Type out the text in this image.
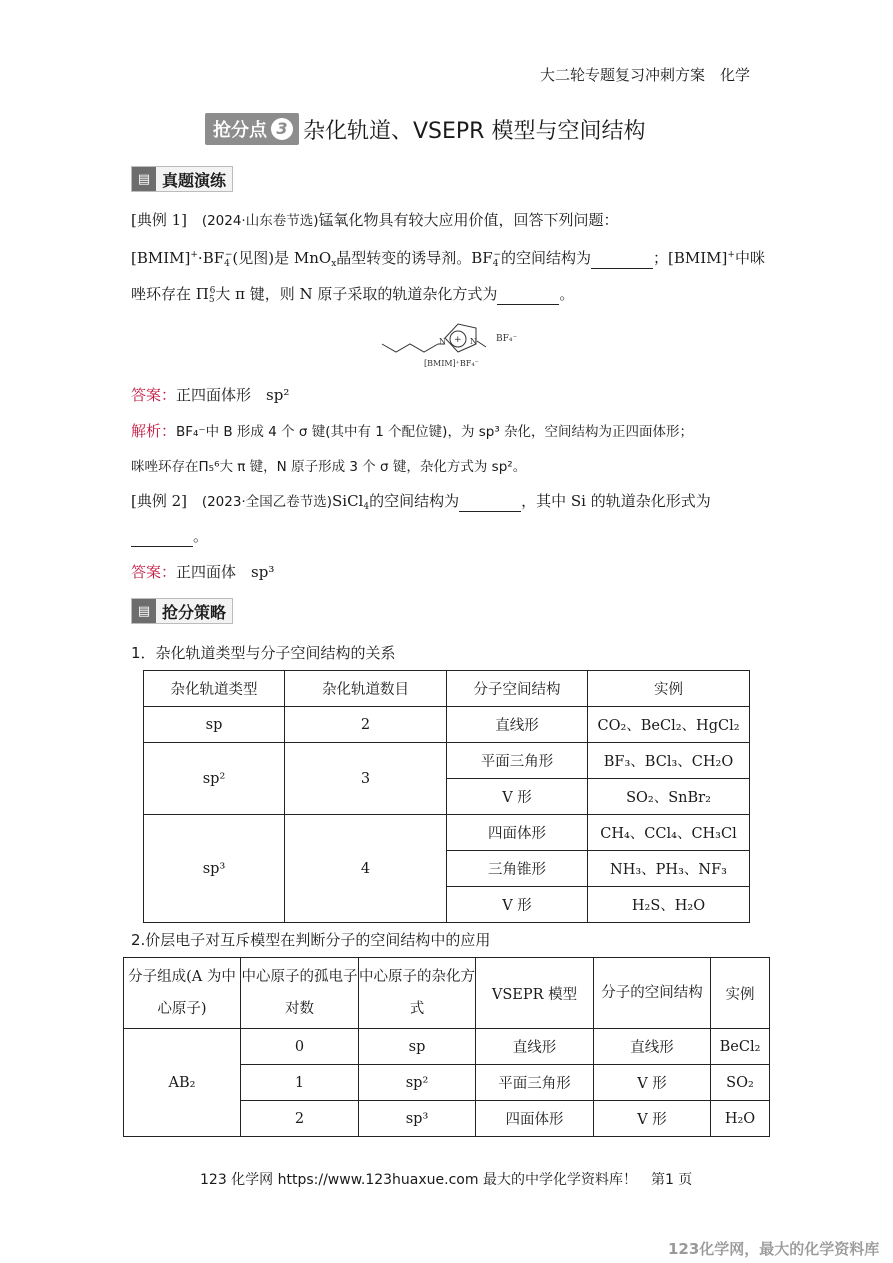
大二轮专题复习冲刺方案　化学
抢分点 3 杂化轨道、VSEPR 模型与空间结构
▤ 真题演练
[典例 1] (2024·山东卷节选)锰氧化物具有较大应用价值，回答下列问题：
$[BMIM]^+\cdot BF_4^-$(见图)是 MnO$_x$晶型转变的诱导剂。$BF_4^-$的空间结构为	；[BMIM]+中咪
唑环存在 $\Pi_5^6$大 π 键，则 N 原子采取的轨道杂化方式为	。
+
N	N BF₄⁻
[BMIM]⁺BF₄⁻
答案：正四面体形　sp²
解析：BF₄⁻中 B 形成 4 个 σ 键(其中有 1 个配位键)，为 sp³ 杂化，空间结构为正四面体形；
咪唑环存在Π₅⁶大 π 键，N 原子形成 3 个 σ 键，杂化方式为 sp²。
[典例 2] (2023·全国乙卷节选)SiCl$_4$的空间结构为	，其中 Si 的轨道杂化形式为
。
答案：正四面体　sp³
▤ 抢分策略
1．杂化轨道类型与分子空间结构的关系
杂化轨道类型	杂化轨道数目	分子空间结构	实例
sp	2	直线形	CO₂、BeCl₂、HgCl₂
sp²	3	平面三角形	BF₃、BCl₃、CH₂O
		V 形	SO₂、SnBr₂
sp³	4	四面体形	CH₄、CCl₄、CH₃Cl
		三角锥形	NH₃、PH₃、NF₃
		V 形	H₂S、H₂O
2.价层电子对互斥模型在判断分子的空间结构中的应用
分子组成(A 为中心原子)	中心原子的孤电子对数	中心原子的杂化方式	VSEPR 模型	分子的空间结构	实例
AB₂	0	sp	直线形	直线形	BeCl₂
	1	sp²	平面三角形	V 形	SO₂
	2	sp³	四面体形	V 形	H₂O
123 化学网 https://www.123huaxue.com 最大的中学化学资料库！　第1 页
123化学网，最大的化学资料库
